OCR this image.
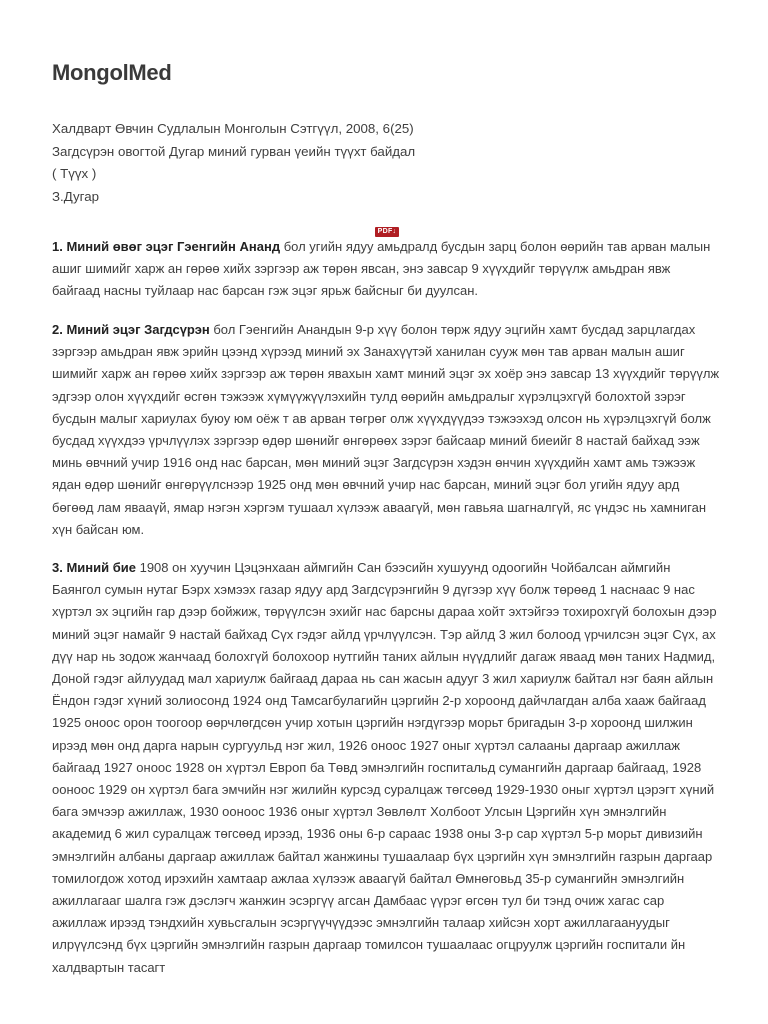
MongolMed
Халдварт Өвчин Судлалын Монголын Сэтгүүл, 2008, 6(25)
Загдсүрэн овогтой Дугар миний гурван үеийн түүхт байдал
( Түүх )
З.Дугар
PDF↓

1. Миний өвөг эцэг Гэенгийн Ананд бол угийн ядуу амьдралд бусдын зарц болон өөрийн тав арван малын ашиг шимийг харж ан гөрөө хийх зэргээр аж төрөн явсан, энэ завсар 9 хүүхдийг төрүүлж амьдран явж байгаад насны туйлаар нас барсан гэж эцэг ярьж байсныг би дуулсан.

2. Миний эцэг Загдсүрэн бол Гэенгийн Анандын 9-р хүү болон төрж ядуу эцгийн хамт бусдад зарцлагдах зэргээр амьдран явж эрийн цээнд хүрээд миний эх Занахүүтэй ханилан сууж мөн тав арван малын ашиг шимийг харж ан гөрөө хийх зэргээр аж төрөн явахын хамт миний эцэг эх хоёр энэ завсар 13 хүүхдийг төрүүлж эдгээр олон хүүхдийг өсгөн тэжээж хүмүүжүүлэхийн тулд өөрийн амьдралыг хүрэлцэхгүй болохтой зэрэг бусдын малыг хариулах буюу юм оёж т ав арван төгрөг олж хүүхдүүдээ тэжээхэд олсон нь хүрэлцэхгүй болж бусдад хүүхдээ үрчлүүлэх зэргээр өдөр шөнийг өнгөрөөх зэрэг байсаар миний биеийг 8 настай байхад ээж минь өвчний учир 1916 онд нас барсан, мөн миний эцэг Загдсүрэн хэдэн өнчин хүүхдийн хамт амь тэжээж ядан өдөр шөнийг өнгөрүүлснээр 1925 онд мөн өвчний учир нас барсан, миний эцэг бол угийн ядуу ард бөгөөд лам явааүй, ямар нэгэн хэргэм тушаал хүлээж аваагүй, мөн гавьяа шагналгүй, яс үндэс нь хамниган хүн байсан юм.

3. Миний бие 1908 он хуучин Цэцэнхаан аймгийн Сан бээсийн хушуунд одоогийн Чойбалсан аймгийн Баянгол сумын нутаг Бэрх хэмээх газар ядуу ард Загдсүрэнгийн 9 дүгээр хүү болж төрөөд 1 наснаас 9 нас хүртэл эх эцгийн гар дээр бойжиж, төрүүлсэн эхийг нас барсны дараа хойт эхтэйгээ тохирохгүй болохын дээр миний эцэг намайг 9 настай байхад Сүх гэдэг айлд үрчлүүлсэн. Тэр айлд 3 жил болоод үрчилсэн эцэг Сүх, ах дүү нар нь зодож жанчаад болохгүй болохоор нутгийн таних айлын нүүдлийг дагаж яваад мөн таних Надмид, Доной гэдэг айлуудад мал хариулж байгаад дараа нь сан жасын адууг 3 жил хариулж байтал нэг баян айлын Ёндон гэдэг хүний золиосонд 1924 онд Тамсагбулагийн цэргийн 2-р хороонд дайчлагдан алба хааж байгаад 1925 оноос орон тоогоор өөрчлөгдсөн учир хотын цэргийн нэгдүгээр морьт бригадын 3-р хороонд шилжин ирээд мөн онд дарга нарын сургуульд нэг жил, 1926 оноос 1927 оныг хүртэл салааны даргаар ажиллаж байгаад 1927 оноос 1928 он хүртэл Европ ба Төвд эмнэлгийн госпитальд сумангийн даргаар байгаад, 1928 ооноос 1929 он хүртэл бага эмчийн нэг жилийн курсэд суралцаж төгсөөд 1929-1930 оныг хүртэл цэрэгт хүний бага эмчээр ажиллаж, 1930 ооноос 1936 оныг хүртэл Зөвлөлт Холбоот Улсын Цэргийн хүн эмнэлгийн академид 6 жил суралцаж төгсөөд ирээд, 1936 оны 6-р сараас 1938 оны 3-р сар хүртэл 5-р морьт дивизийн эмнэлгийн албаны даргаар ажиллаж байтал жанжины тушаалаар бүх цэргийн хүн эмнэлгийн газрын даргаар томилогдож хотод ирэхийн хамтаар ажлаа хүлээж аваагүй байтал Өмнөговьд 35-р сумангийн эмнэлгийн ажиллагааг шалга гэж дэслэгч жанжин эсэргүү агсан Дамбаас үүрэг өгсөн тул би тэнд очиж хагас сар ажиллаж ирээд тэндхийн хувьсгалын эсэргүүчүүдээс эмнэлгийн талаар хийсэн хорт ажиллагаануудыг илрүүлсэнд бүх цэргийн эмнэлгийн газрын даргаар томилсон тушаалаас огцруулж цэргийн госпитали йн халдвартын тасагт
